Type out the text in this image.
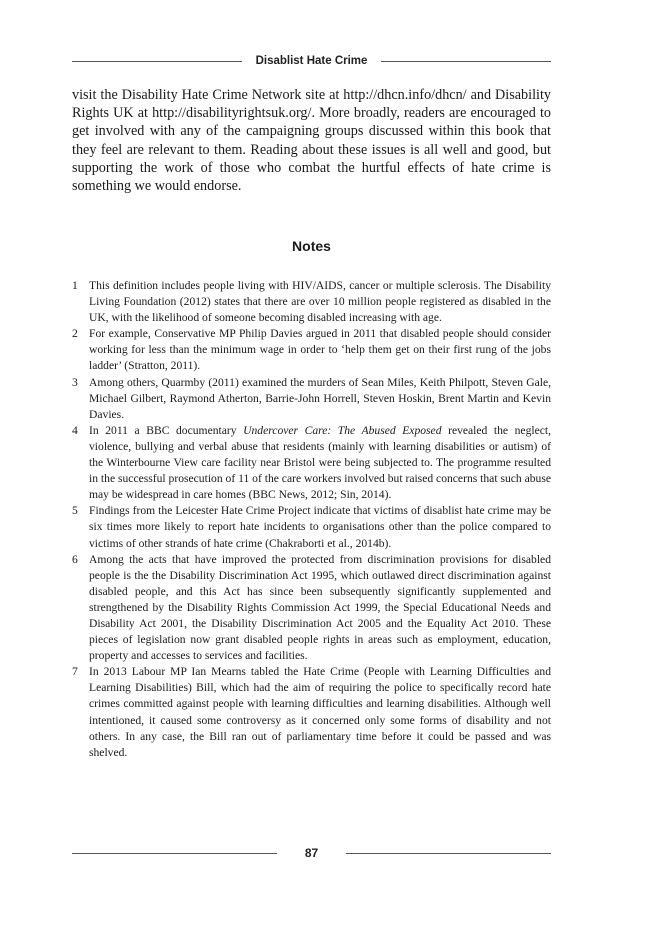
Disablist Hate Crime

visit the Disability Hate Crime Network site at http://dhcn.info/dhcn/ and Disability Rights UK at http://disabilityrightsuk.org/. More broadly, readers are encouraged to get involved with any of the campaigning groups discussed within this book that they feel are relevant to them. Reading about these issues is all well and good, but supporting the work of those who combat the hurtful effects of hate crime is something we would endorse.

Notes
1 This definition includes people living with HIV/AIDS, cancer or multiple sclerosis. The Disability Living Foundation (2012) states that there are over 10 million people registered as disabled in the UK, with the likelihood of someone becoming disabled increasing with age.
2 For example, Conservative MP Philip Davies argued in 2011 that disabled people should consider working for less than the minimum wage in order to ‘help them get on their first rung of the jobs ladder’ (Stratton, 2011).
3 Among others, Quarmby (2011) examined the murders of Sean Miles, Keith Philpott, Steven Gale, Michael Gilbert, Raymond Atherton, Barrie-John Horrell, Steven Hoskin, Brent Martin and Kevin Davies.
4 In 2011 a BBC documentary Undercover Care: The Abused Exposed revealed the neglect, violence, bullying and verbal abuse that residents (mainly with learning disabilities or autism) of the Winterbourne View care facility near Bristol were being subjected to. The programme resulted in the successful prosecution of 11 of the care workers involved but raised concerns that such abuse may be widespread in care homes (BBC News, 2012; Sin, 2014).
5 Findings from the Leicester Hate Crime Project indicate that victims of disablist hate crime may be six times more likely to report hate incidents to organisations other than the police compared to victims of other strands of hate crime (Chakraborti et al., 2014b).
6 Among the acts that have improved the protected from discrimination provisions for disabled people is the the Disability Discrimination Act 1995, which outlawed direct discrimination against disabled people, and this Act has since been subsequently significantly supplemented and strengthened by the Disability Rights Commission Act 1999, the Special Educational Needs and Disability Act 2001, the Disability Discrimination Act 2005 and the Equality Act 2010. These pieces of legislation now grant disabled people rights in areas such as employment, education, property and accesses to services and facilities.
7 In 2013 Labour MP Ian Mearns tabled the Hate Crime (People with Learning Difficulties and Learning Disabilities) Bill, which had the aim of requiring the police to specifically record hate crimes committed against people with learning difficulties and learning disabilities. Although well intentioned, it caused some controversy as it concerned only some forms of disability and not others. In any case, the Bill ran out of parliamentary time before it could be passed and was shelved.
87
